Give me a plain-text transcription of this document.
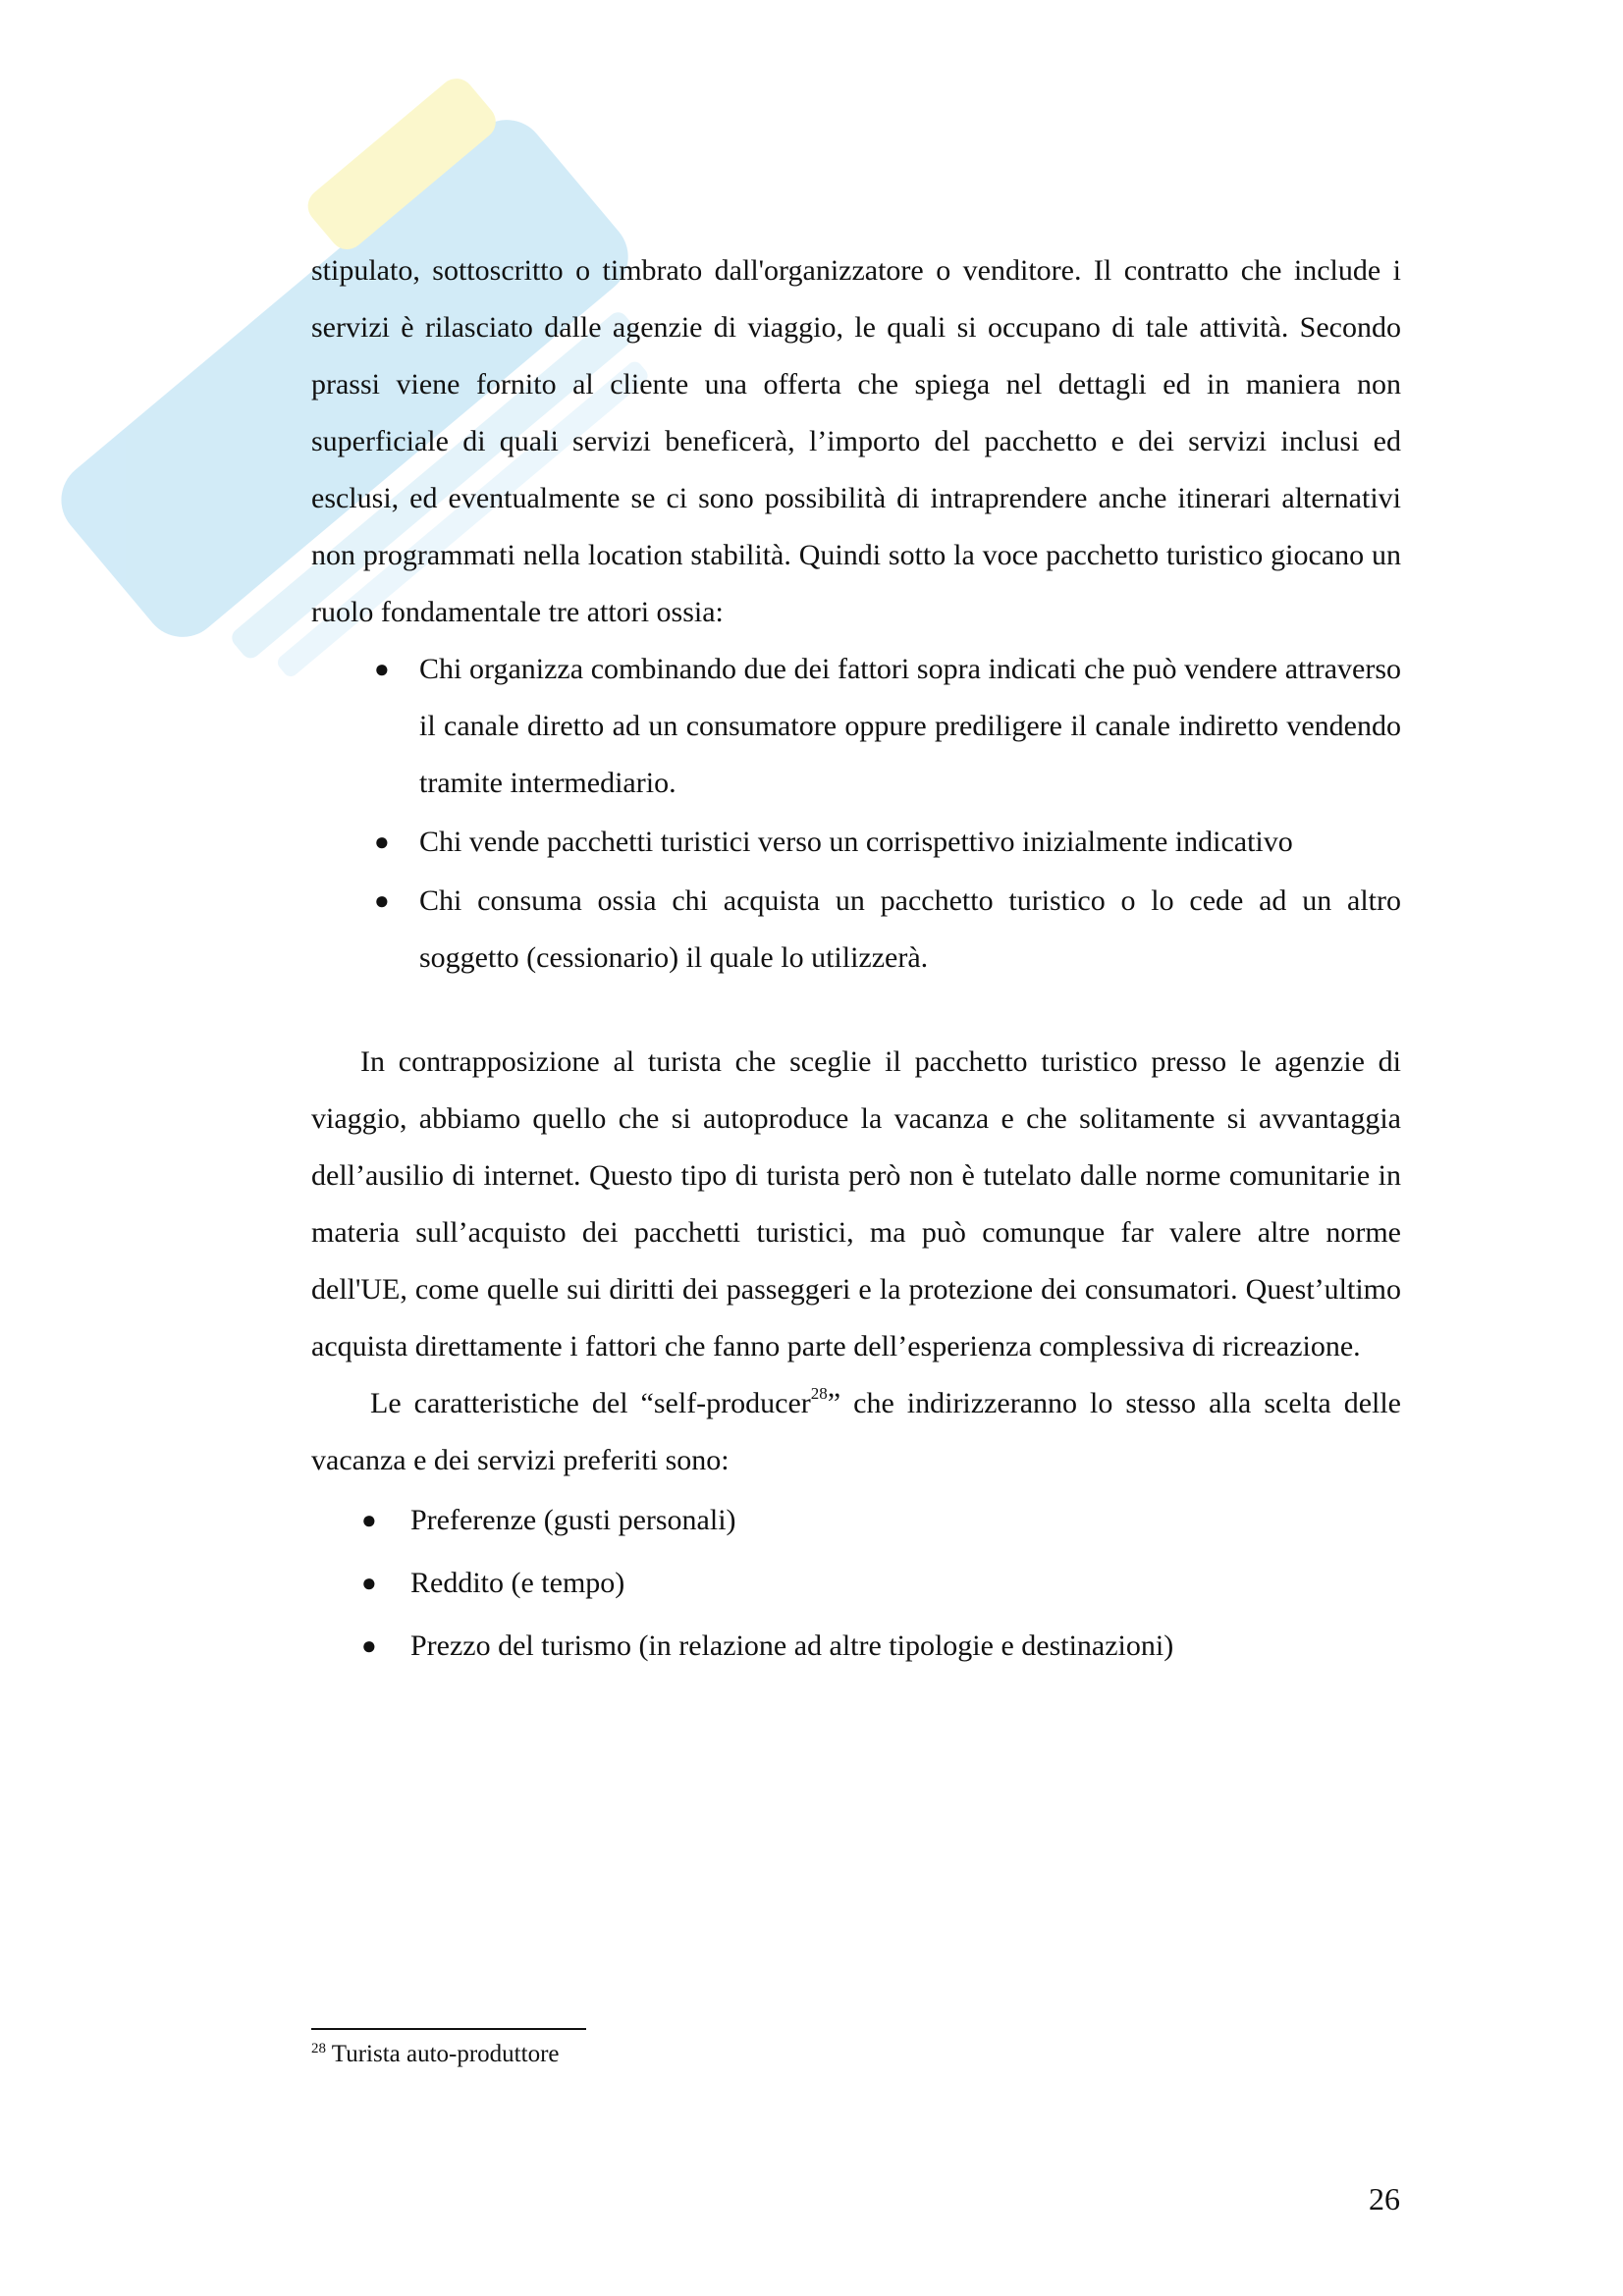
stipulato, sottoscritto o timbrato dall'organizzatore o venditore. Il contratto che include i servizi è rilasciato dalle agenzie di viaggio, le quali si occupano di tale attività. Secondo prassi viene fornito al cliente una offerta che spiega nel dettagli ed in maniera non superficiale di quali servizi beneficerà, l’importo del pacchetto e dei servizi inclusi ed esclusi, ed eventualmente se ci sono possibilità di intraprendere anche itinerari alternativi non programmati nella location stabilità. Quindi sotto la voce pacchetto turistico giocano un ruolo fondamentale tre attori ossia:

● Chi organizza combinando due dei fattori sopra indicati che può vendere attraverso il canale diretto ad un consumatore oppure prediligere il canale indiretto vendendo tramite intermediario.
● Chi vende pacchetti turistici verso un corrispettivo inizialmente indicativo
● Chi consuma ossia chi acquista un pacchetto turistico o lo cede ad un altro soggetto (cessionario) il quale lo utilizzerà.

In contrapposizione al turista che sceglie il pacchetto turistico presso le agenzie di viaggio, abbiamo quello che si autoproduce la vacanza e che solitamente si avvantaggia dell’ausilio di internet. Questo tipo di turista però non è tutelato dalle norme comunitarie in materia sull’acquisto dei pacchetti turistici, ma può comunque far valere altre norme dell'UE, come quelle sui diritti dei passeggeri e la protezione dei consumatori. Quest’ultimo acquista direttamente i fattori che fanno parte dell’esperienza complessiva di ricreazione.

Le caratteristiche del “self-producer$^{28}$” che indirizzeranno lo stesso alla scelta delle vacanza e dei servizi preferiti sono:

● Preferenze (gusti personali)
● Reddito (e tempo)
● Prezzo del turismo (in relazione ad altre tipologie e destinazioni)
$^{28}$ Turista auto-produttore
26
